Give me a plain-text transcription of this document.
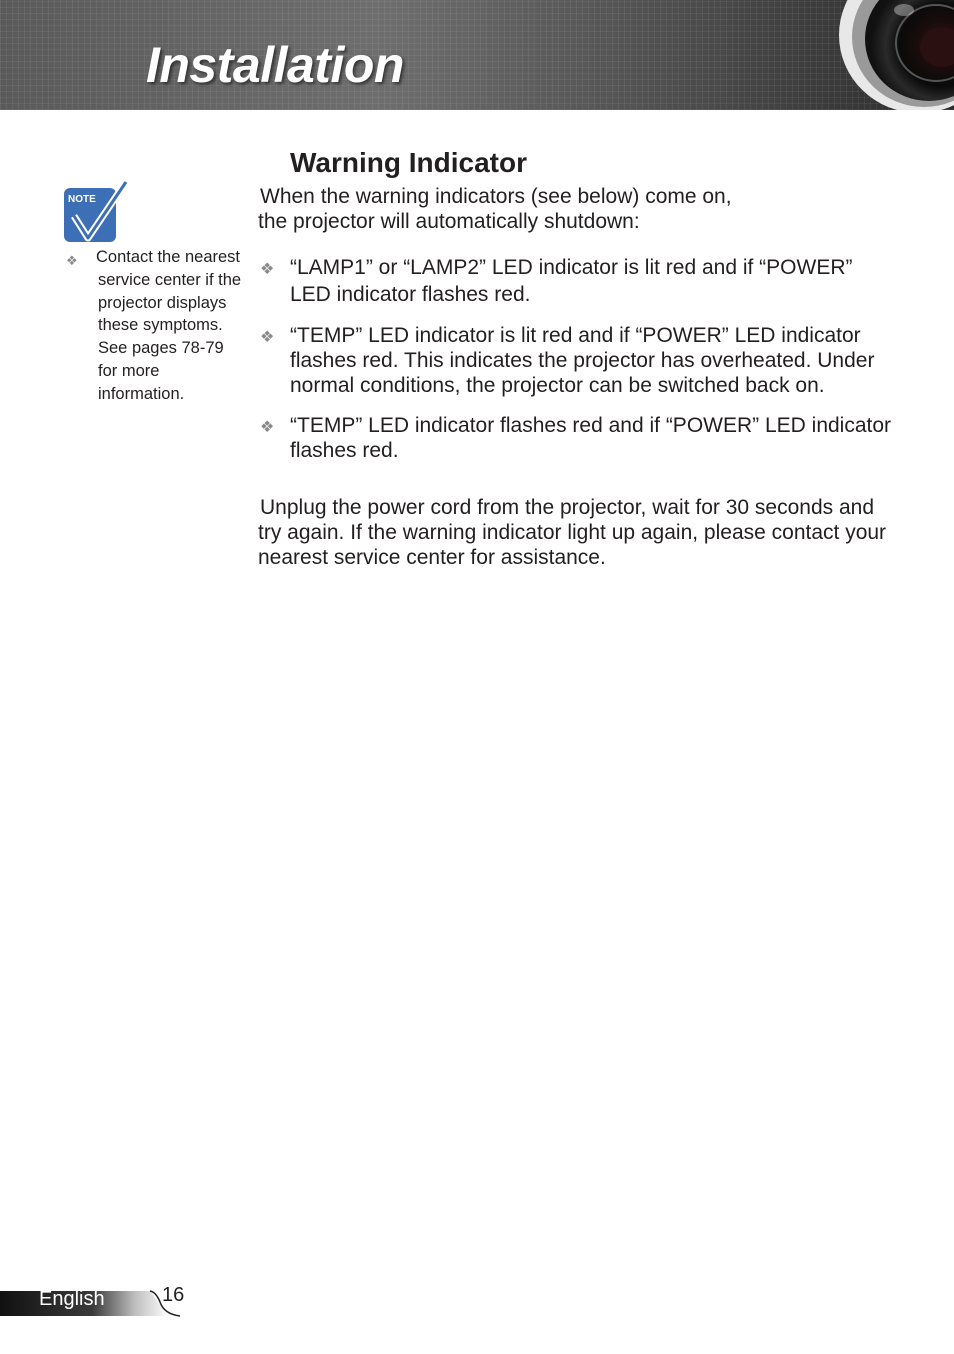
Installation
NOTE
❖ Contact the nearest service center if the projector displays these symptoms. See pages 78-79 for more information.
Warning Indicator
When the warning indicators (see below) come on,
the projector will automatically shutdown:
❖ “LAMP1” or “LAMP2” LED indicator is lit red and if “POWER” LED indicator flashes red.
❖ “TEMP” LED indicator is lit red and if “POWER” LED indicator flashes red. This indicates the projector has overheated. Under normal conditions, the projector can be switched back on.
❖ “TEMP” LED indicator flashes red and if “POWER” LED indicator flashes red.
Unplug the power cord from the projector, wait for 30 seconds and try again. If the warning indicator light up again, please contact your nearest service center for assistance.
English	16
